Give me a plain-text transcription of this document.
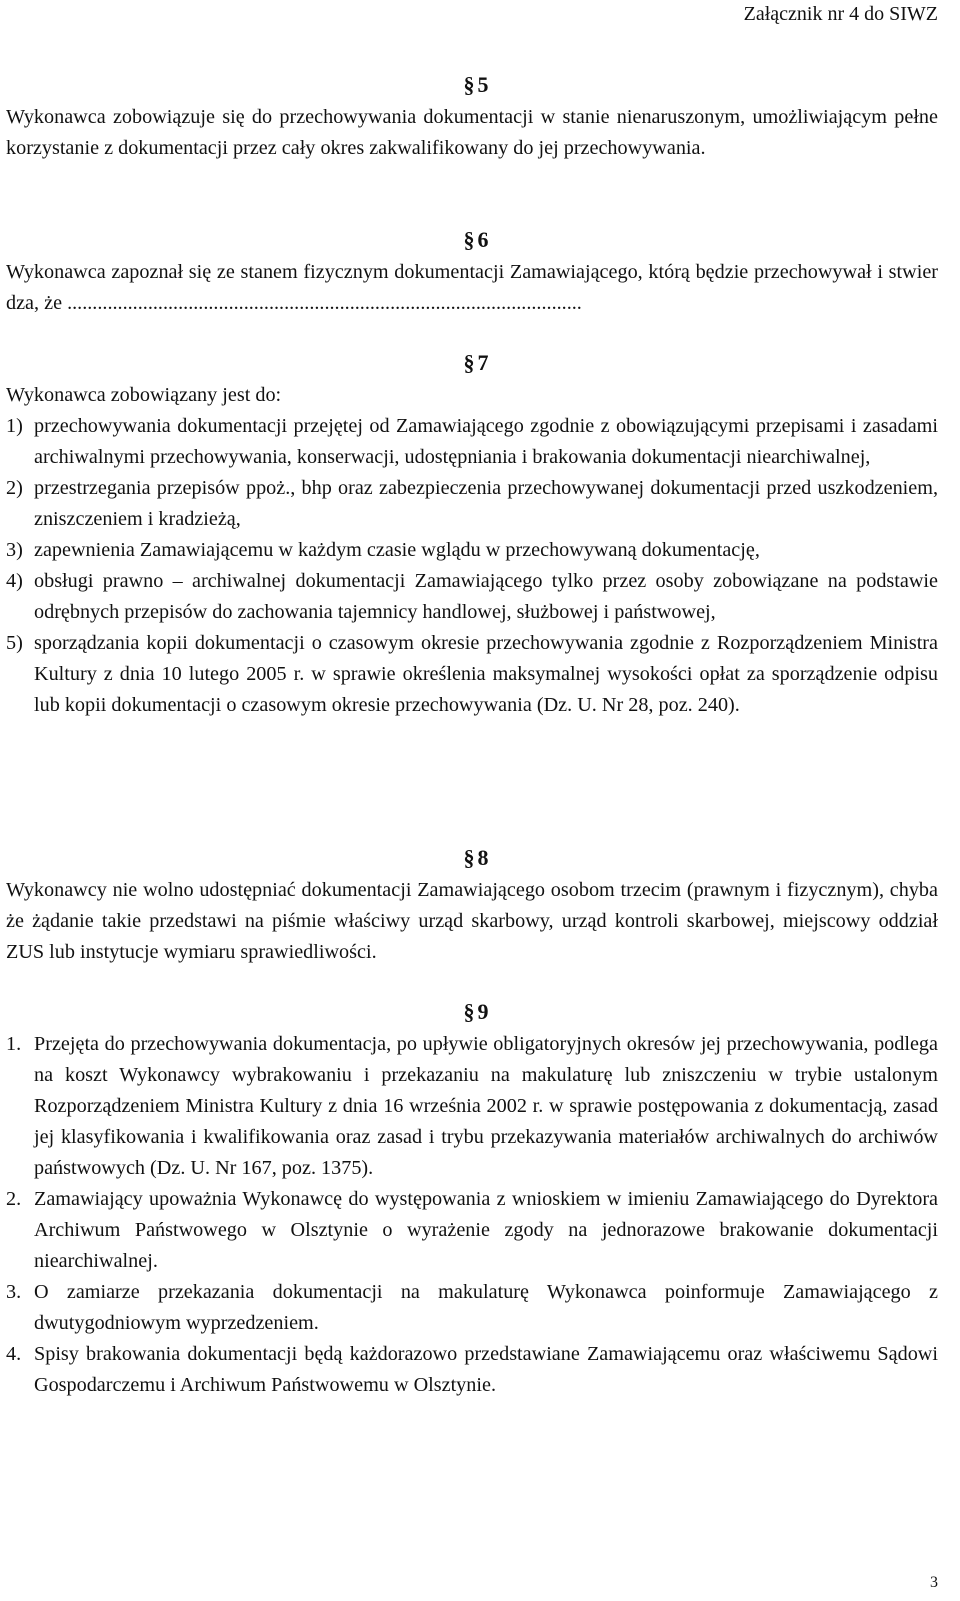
Załącznik nr 4 do SIWZ
§ 5

Wykonawca zobowiązuje się do przechowywania dokumentacji w stanie nienaruszonym, umożliwiającym pełne korzystanie z dokumentacji przez cały okres zakwalifikowany do jej przechowywania.

§ 6

Wykonawca zapoznał się ze stanem fizycznym dokumentacji Zamawiającego, którą będzie przechowywał i stwierdza, że ......................................................................................................

§ 7

Wykonawca zobowiązany jest do:

1) przechowywania dokumentacji przejętej od Zamawiającego zgodnie z obowiązującymi przepisami i zasadami archiwalnymi przechowywania, konserwacji, udostępniania i brakowania dokumentacji niearchiwalnej,
2) przestrzegania przepisów ppoż., bhp oraz zabezpieczenia przechowywanej dokumentacji przed uszkodzeniem, zniszczeniem i kradzieżą,
3) zapewnienia Zamawiającemu w każdym czasie wglądu w przechowywaną dokumentację,
4) obsługi prawno – archiwalnej dokumentacji Zamawiającego tylko przez osoby zobowiązane na podstawie odrębnych przepisów do zachowania tajemnicy handlowej, służbowej i państwowej,
5) sporządzania kopii dokumentacji o czasowym okresie przechowywania zgodnie z Rozporządzeniem Ministra Kultury z dnia 10 lutego 2005 r. w sprawie określenia maksymalnej wysokości opłat za sporządzenie odpisu lub kopii dokumentacji o czasowym okresie przechowywania (Dz. U. Nr 28, poz. 240).
§ 8

Wykonawcy nie wolno udostępniać dokumentacji Zamawiającego osobom trzecim (prawnym i fizycznym), chyba że żądanie takie przedstawi na piśmie właściwy urząd skarbowy, urząd kontroli skarbowej, miejscowy oddział ZUS lub instytucje wymiaru sprawiedliwości.

§ 9
1. Przejęta do przechowywania dokumentacja, po upływie obligatoryjnych okresów jej przechowywania, podlega na koszt Wykonawcy wybrakowaniu i przekazaniu na makulaturę lub zniszczeniu w trybie ustalonym Rozporządzeniem Ministra Kultury z dnia 16 września 2002 r. w sprawie postępowania z dokumentacją, zasad jej klasyfikowania i kwalifikowania oraz zasad i trybu przekazywania materiałów archiwalnych do archiwów państwowych (Dz. U. Nr 167, poz. 1375).
2. Zamawiający upoważnia Wykonawcę do występowania z wnioskiem w imieniu Zamawiającego do Dyrektora Archiwum Państwowego w Olsztynie o wyrażenie zgody na jednorazowe brakowanie dokumentacji niearchiwalnej.
3. O zamiarze przekazania dokumentacji na makulaturę Wykonawca poinformuje Zamawiającego z dwutygodniowym wyprzedzeniem.
4. Spisy brakowania dokumentacji będą każdorazowo przedstawiane Zamawiającemu oraz właściwemu Sądowi Gospodarczemu i Archiwum Państwowemu w Olsztynie.
3
